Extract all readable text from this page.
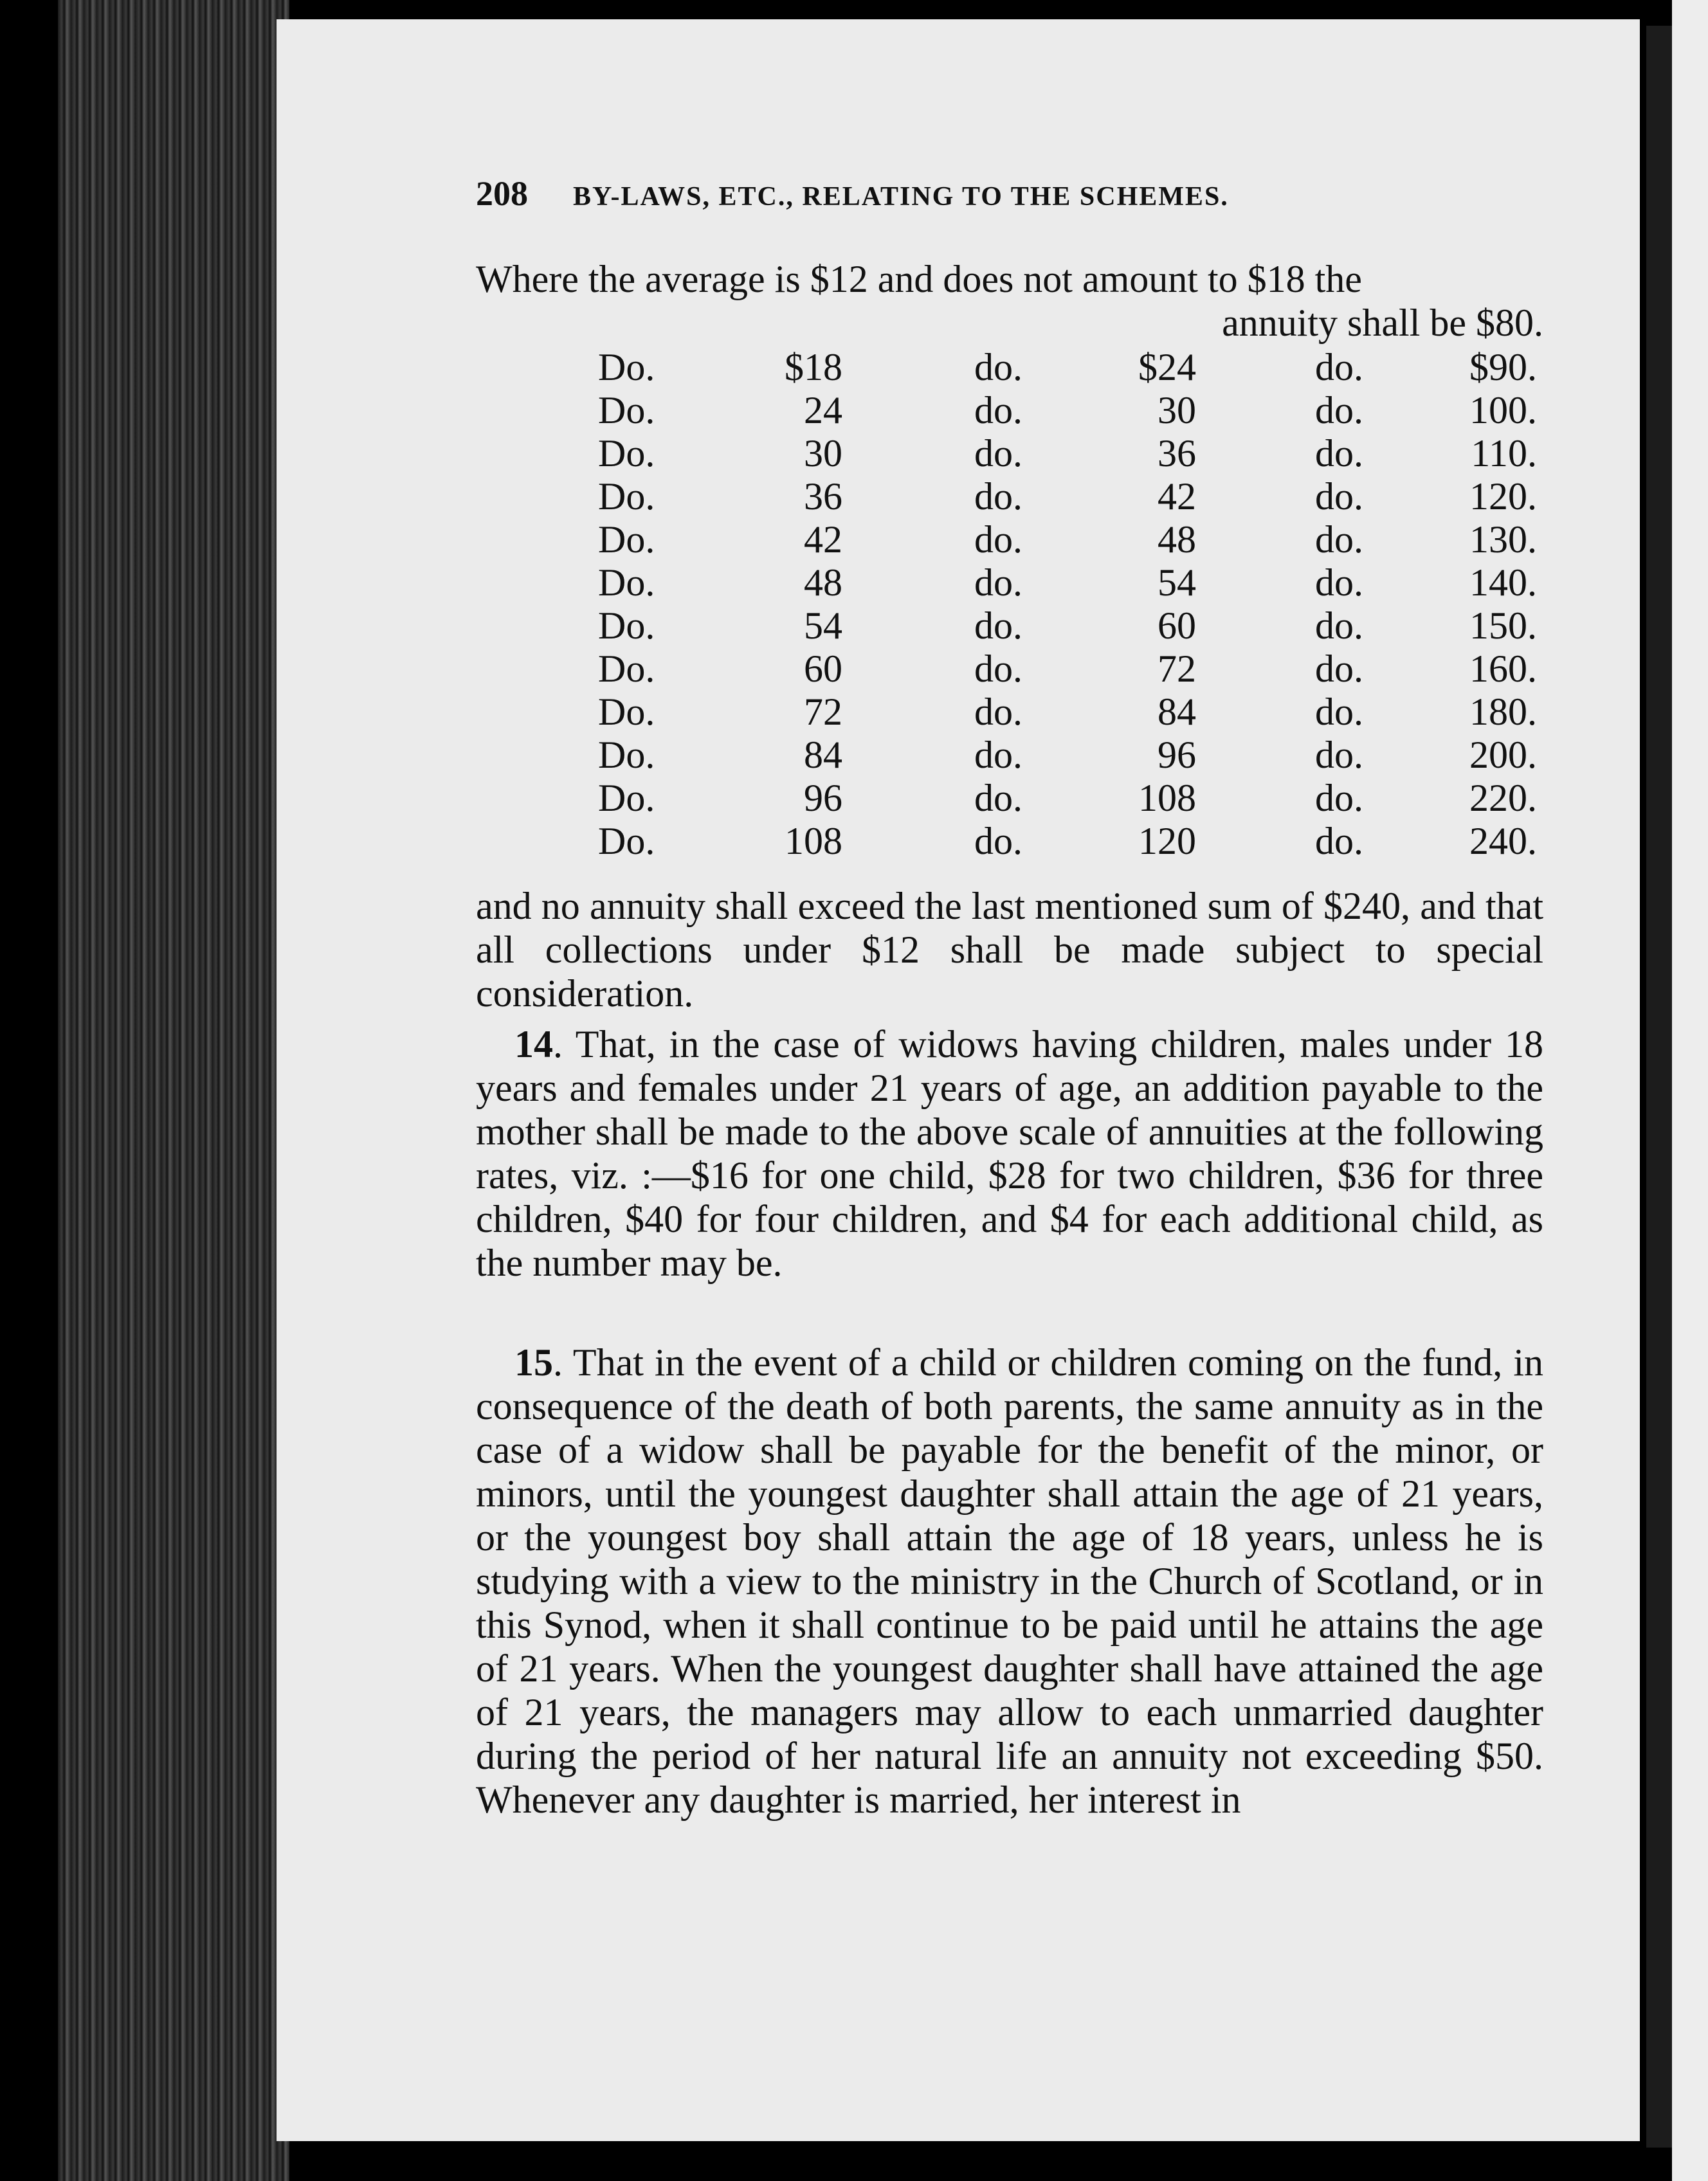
208 BY-LAWS, ETC., RELATING TO THE SCHEMES.
Where the average is $12 and does not amount to $18 the
annuity shall be $80.
Do.	$18	do.	$24	do.	$90.
Do.	24	do.	30	do.	100.
Do.	30	do.	36	do.	110.
Do.	36	do.	42	do.	120.
Do.	42	do.	48	do.	130.
Do.	48	do.	54	do.	140.
Do.	54	do.	60	do.	150.
Do.	60	do.	72	do.	160.
Do.	72	do.	84	do.	180.
Do.	84	do.	96	do.	200.
Do.	96	do.	108	do.	220.
Do.	108	do.	120	do.	240.
and no annuity shall exceed the last mentioned sum of $240, and that all collections under $12 shall be made subject to special consideration.
14. That, in the case of widows having children, males under 18 years and females under 21 years of age, an addition payable to the mother shall be made to the above scale of annuities at the following rates, viz. :—$16 for one child, $28 for two children, $36 for three children, $40 for four children, and $4 for each additional child, as the number may be.
15. That in the event of a child or children coming on the fund, in consequence of the death of both parents, the same annuity as in the case of a widow shall be payable for the benefit of the minor, or minors, until the youngest daughter shall attain the age of 21 years, or the youngest boy shall attain the age of 18 years, unless he is studying with a view to the ministry in the Church of Scotland, or in this Synod, when it shall continue to be paid until he attains the age of 21 years. When the youngest daughter shall have attained the age of 21 years, the managers may allow to each unmarried daughter during the period of her natural life an annuity not exceeding $50. Whenever any daughter is married, her interest in
